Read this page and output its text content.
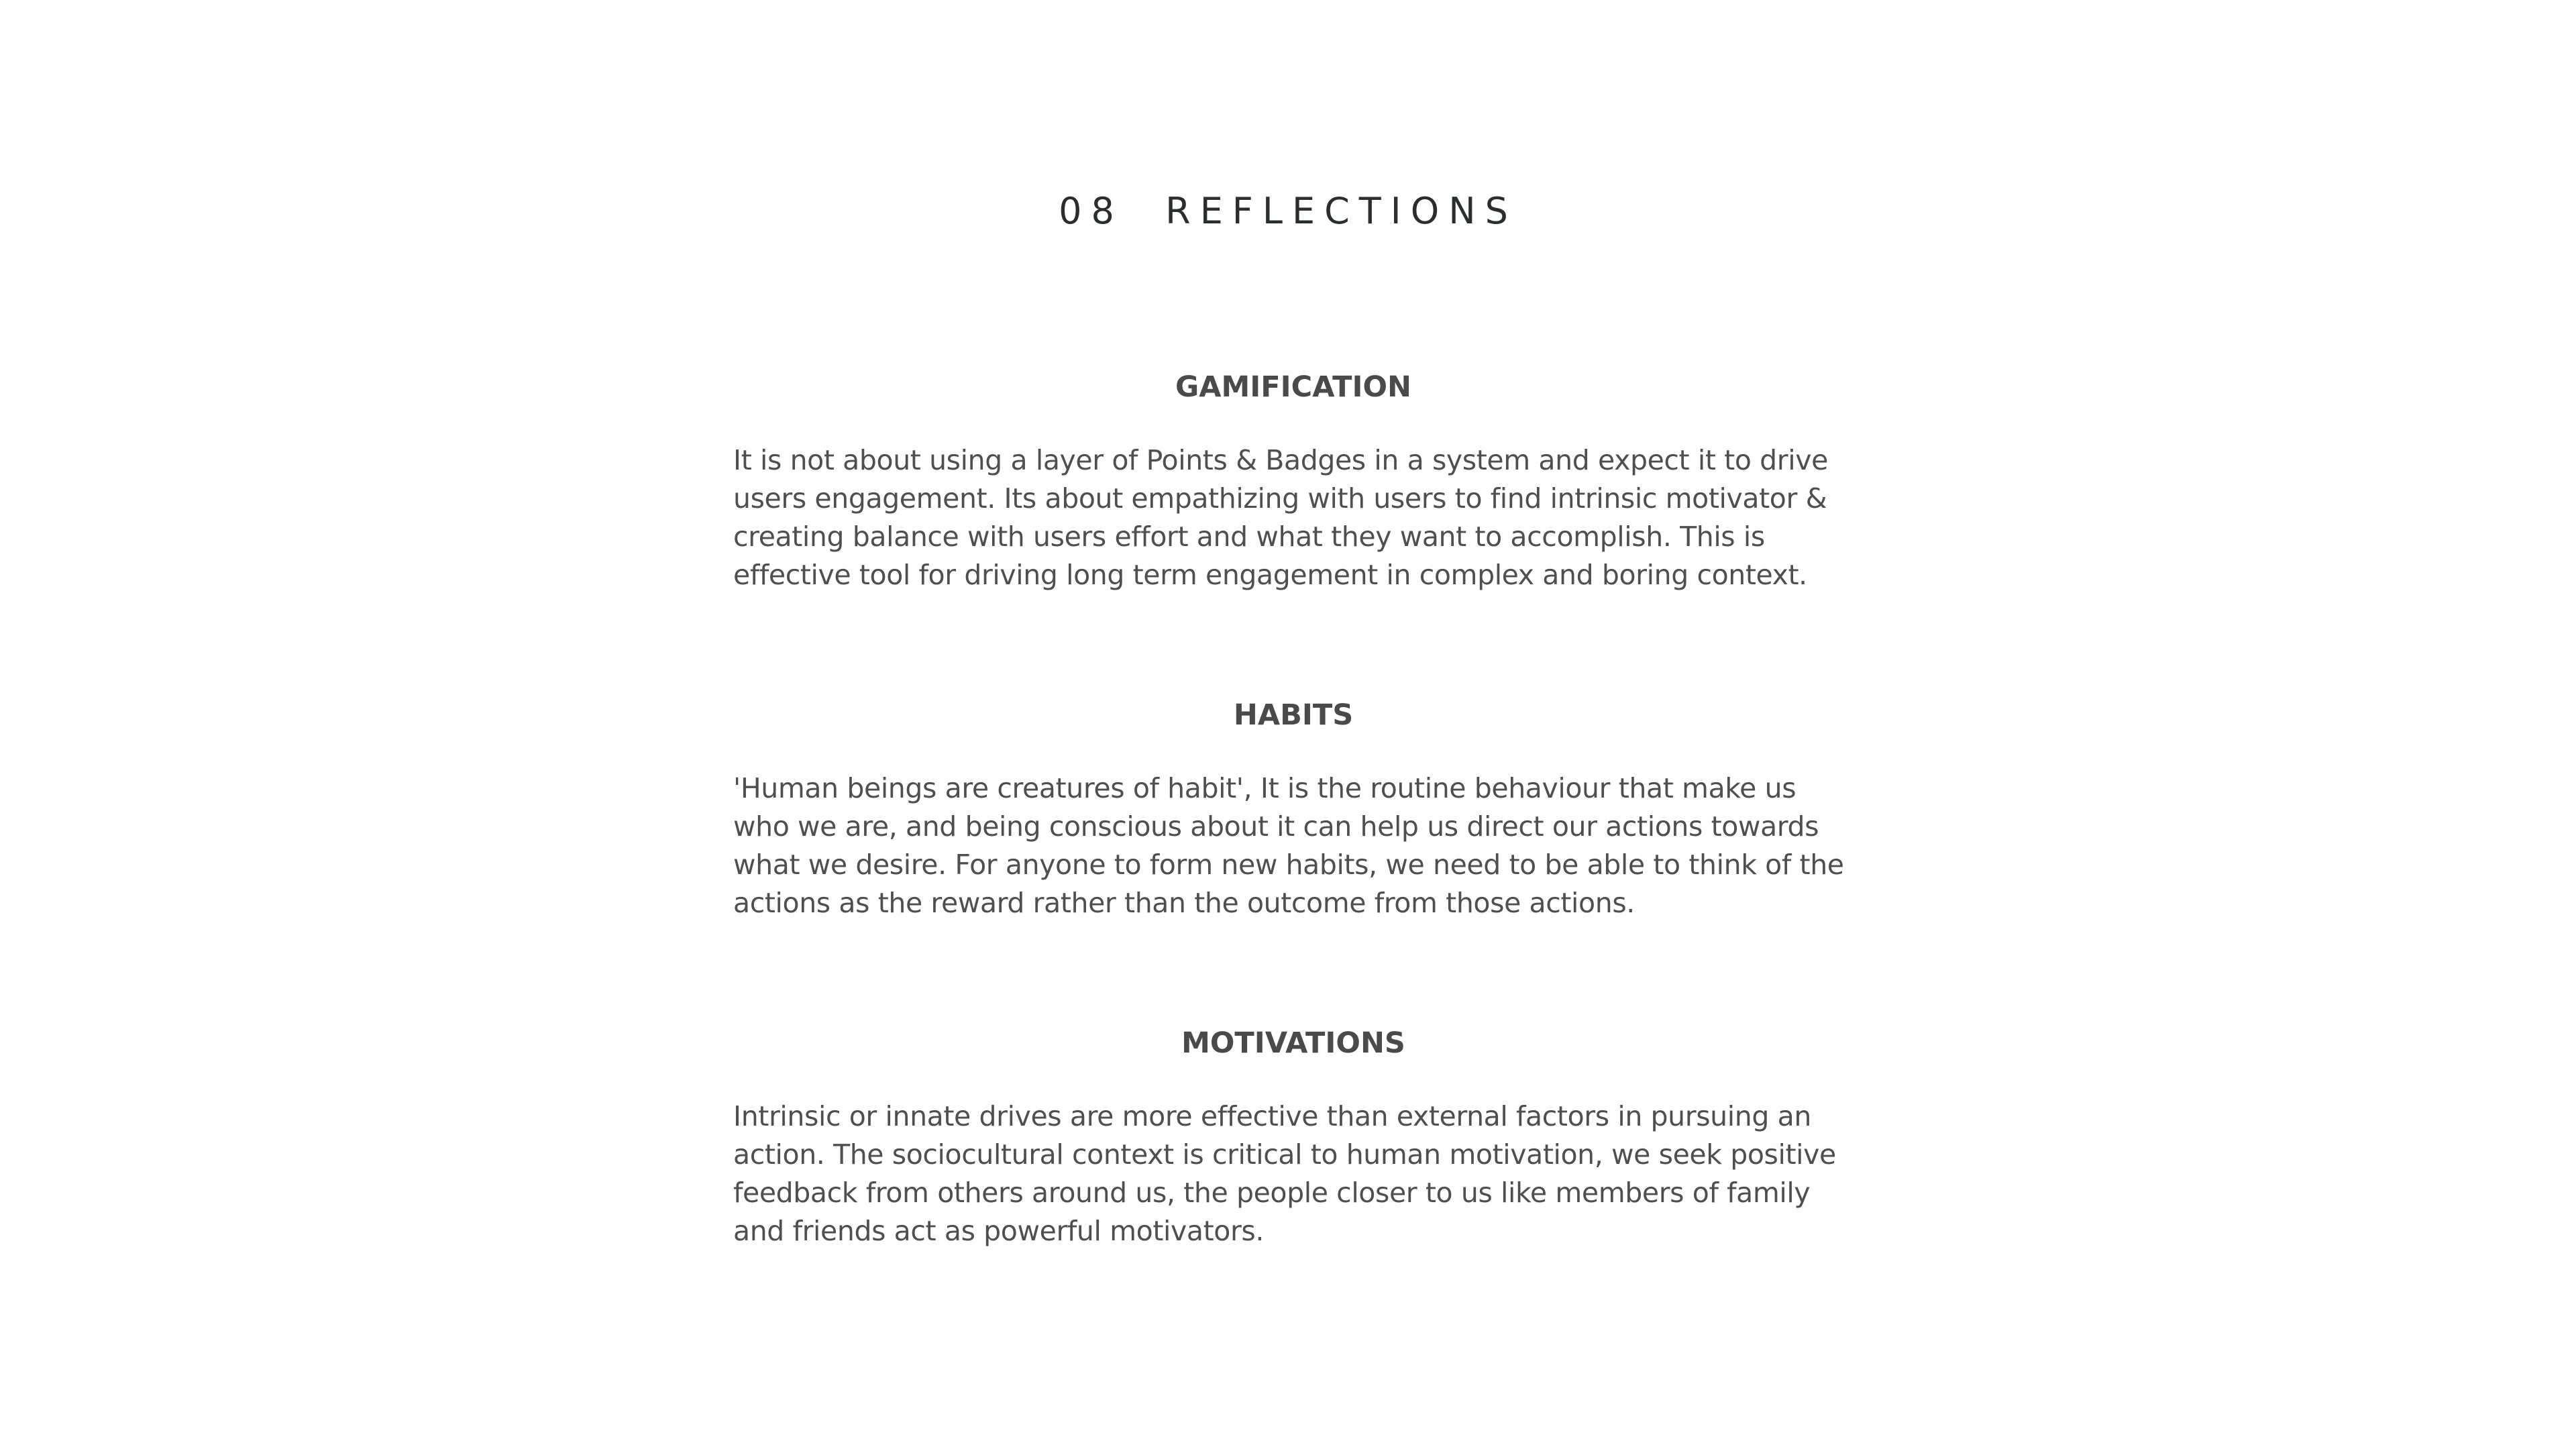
08  REFLECTIONS
GAMIFICATION

It is not about using a layer of Points & Badges in a system and expect it to drive users engagement. Its about empathizing with users to find intrinsic motivator & creating balance with users effort and what they want to accomplish. This is effective tool for driving long term engagement in complex and boring context.

HABITS

'Human beings are creatures of habit', It is the routine behaviour that make us who we are, and being conscious about it can help us direct our actions towards what we desire. For anyone to form new habits, we need to be able to think of the actions as the reward rather than the outcome from those actions.

MOTIVATIONS

Intrinsic or innate drives are more effective than external factors in pursuing an action. The sociocultural context is critical to human motivation, we seek positive feedback from others around us, the people closer to us like members of family and friends act as powerful motivators.
